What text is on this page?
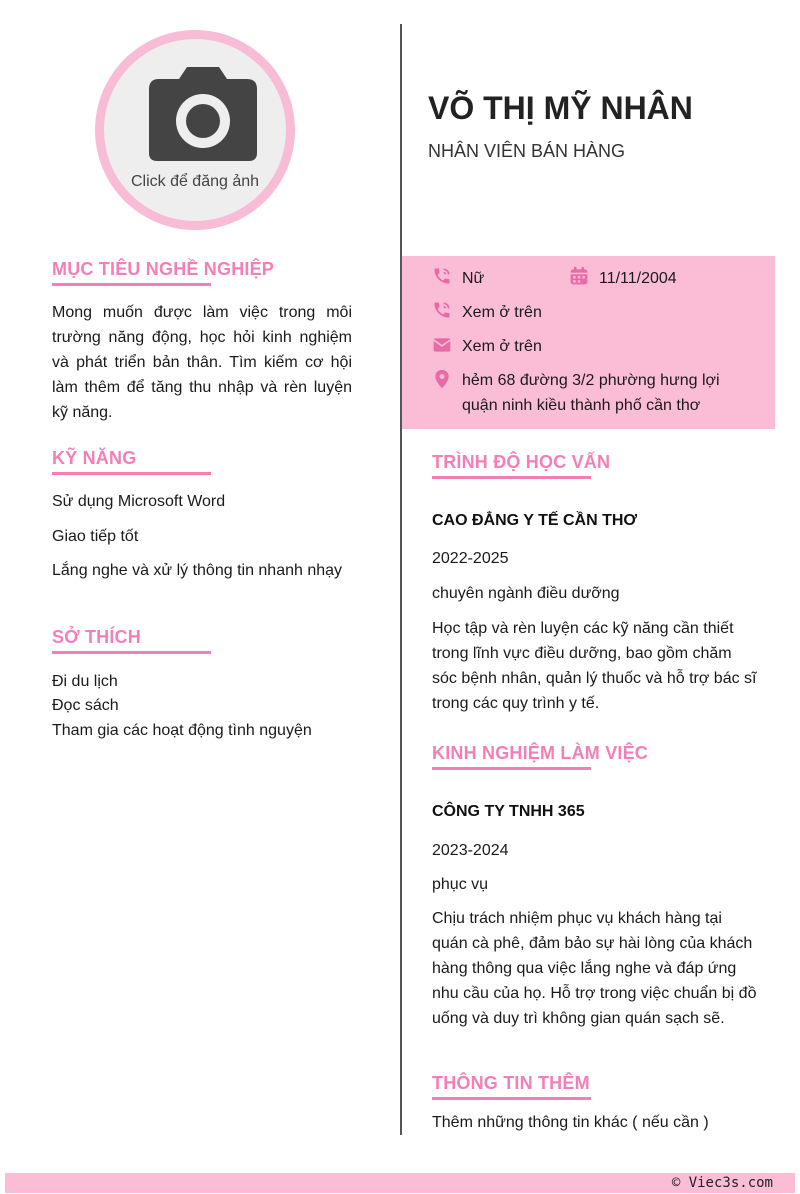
Click để đăng ảnh
VÕ THỊ MỸ NHÂN
NHÂN VIÊN BÁN HÀNG
Nữ	11/11/2004
Xem ở trên
Xem ở trên
hẻm 68 đường 3/2 phường hưng lợi
quận ninh kiều thành phố cần thơ
MỤC TIÊU NGHỀ NGHIỆP
Mong muốn được làm việc trong môi trường năng động, học hỏi kinh nghiệm và phát triển bản thân. Tìm kiếm cơ hội làm thêm để tăng thu nhập và rèn luyện kỹ năng.
KỸ NĂNG
Sử dụng Microsoft Word
Giao tiếp tốt
Lắng nghe và xử lý thông tin nhanh nhạy
SỞ THÍCH
Đi du lịch
Đọc sách
Tham gia các hoạt động tình nguyện
TRÌNH ĐỘ HỌC VẤN
CAO ĐẲNG Y TẾ CẦN THƠ
2022-2025
chuyên ngành điều dưỡng
Học tập và rèn luyện các kỹ năng cần thiết trong lĩnh vực điều dưỡng, bao gồm chăm sóc bệnh nhân, quản lý thuốc và hỗ trợ bác sĩ trong các quy trình y tế.
KINH NGHIỆM LÀM VIỆC
CÔNG TY TNHH 365
2023-2024
phục vụ
Chịu trách nhiệm phục vụ khách hàng tại quán cà phê, đảm bảo sự hài lòng của khách hàng thông qua việc lắng nghe và đáp ứng nhu cầu của họ. Hỗ trợ trong việc chuẩn bị đồ uống và duy trì không gian quán sạch sẽ.
THÔNG TIN THÊM
Thêm những thông tin khác ( nếu cần )
© Viec3s.com
